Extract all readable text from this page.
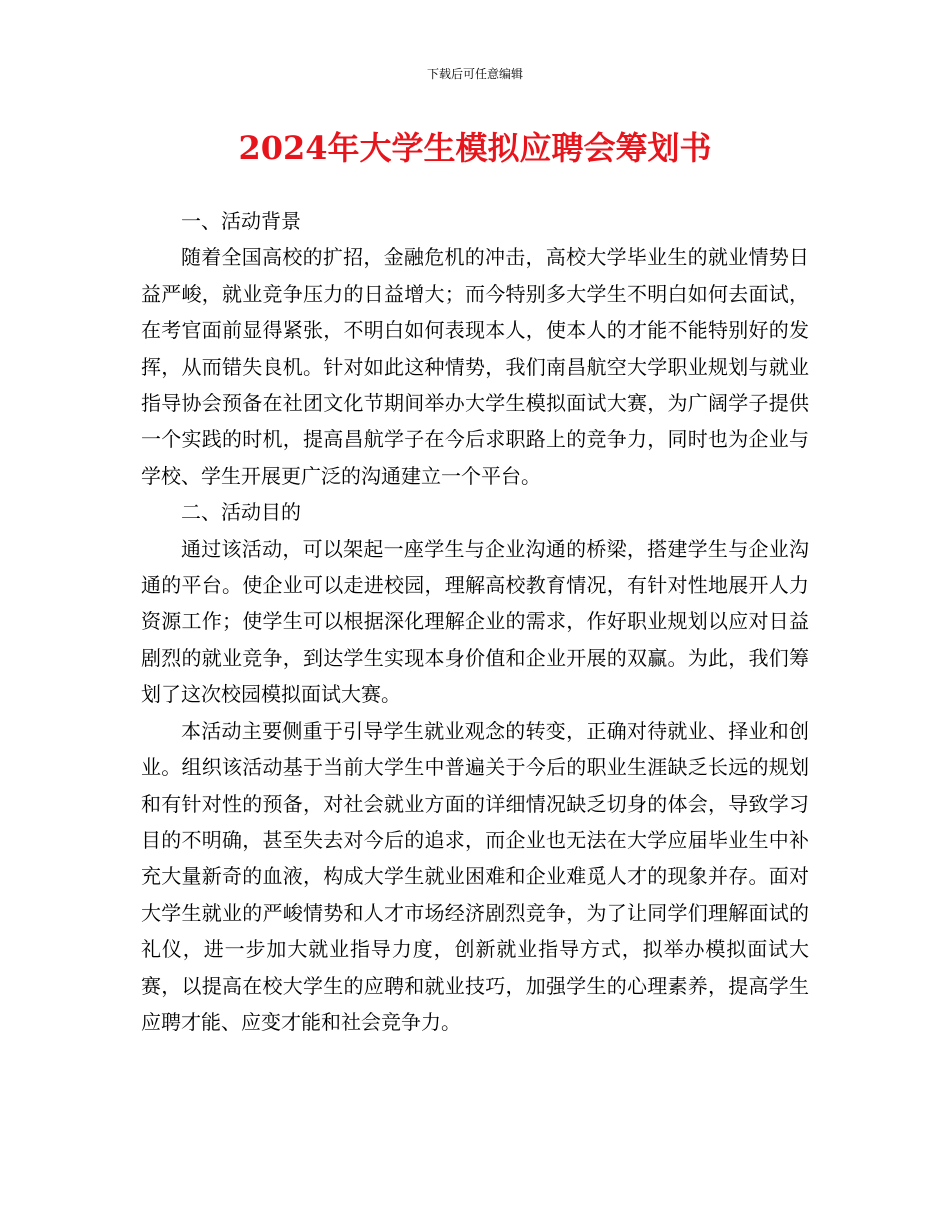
下载后可任意编辑
2024年大学生模拟应聘会筹划书

一、活动背景

随着全国高校的扩招，金融危机的冲击，高校大学毕业生的就业情势日益严峻，就业竞争压力的日益增大；而今特别多大学生不明白如何去面试，在考官面前显得紧张，不明白如何表现本人，使本人的才能不能特别好的发挥，从而错失良机。针对如此这种情势，我们南昌航空大学职业规划与就业指导协会预备在社团文化节期间举办大学生模拟面试大赛，为广阔学子提供一个实践的时机，提高昌航学子在今后求职路上的竞争力，同时也为企业与学校、学生开展更广泛的沟通建立一个平台。

二、活动目的

通过该活动，可以架起一座学生与企业沟通的桥梁，搭建学生与企业沟通的平台。使企业可以走进校园，理解高校教育情况，有针对性地展开人力资源工作；使学生可以根据深化理解企业的需求，作好职业规划以应对日益剧烈的就业竞争，到达学生实现本身价值和企业开展的双赢。为此，我们筹划了这次校园模拟面试大赛。

本活动主要侧重于引导学生就业观念的转变，正确对待就业、择业和创业。组织该活动基于当前大学生中普遍关于今后的职业生涯缺乏长远的规划和有针对性的预备，对社会就业方面的详细情况缺乏切身的体会，导致学习目的不明确，甚至失去对今后的追求，而企业也无法在大学应届毕业生中补充大量新奇的血液，构成大学生就业困难和企业难觅人才的现象并存。面对大学生就业的严峻情势和人才市场经济剧烈竞争，为了让同学们理解面试的礼仪，进一步加大就业指导力度，创新就业指导方式，拟举办模拟面试大赛，以提高在校大学生的应聘和就业技巧，加强学生的心理素养，提高学生应聘才能、应变才能和社会竞争力。
